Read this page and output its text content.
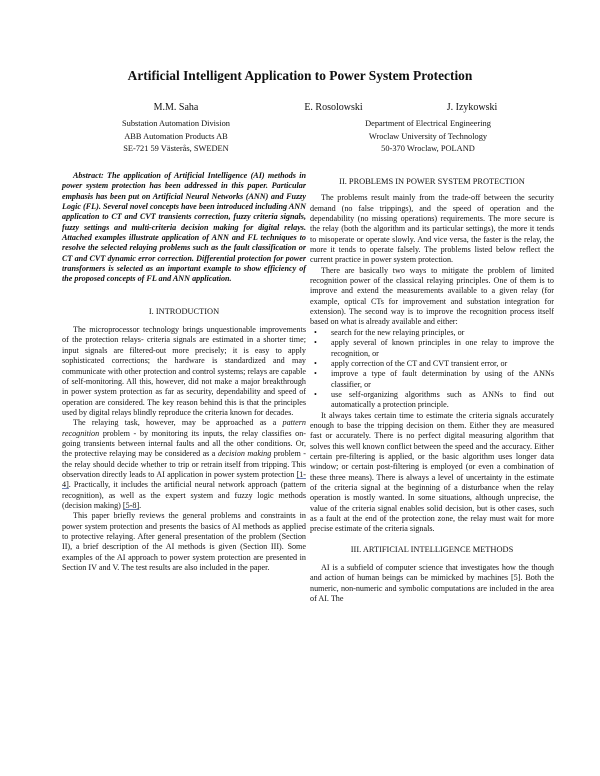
Artificial Intelligent Application to Power System Protection
M.M. Saha	E. Rosolowski	J. Izykowski
Substation Automation Division
ABB Automation Products AB
SE-721 59 Västerås, SWEDEN
Department of Electrical Engineering
Wroclaw University of Technology
50-370 Wroclaw, POLAND

Abstract: The application of Artificial Intelligence (AI) methods in power system protection has been addressed in this paper. Particular emphasis has been put on Artificial Neural Networks (ANN) and Fuzzy Logic (FL). Several novel concepts have been introduced including ANN application to CT and CVT transients correction, fuzzy criteria signals, fuzzy settings and multi-criteria decision making for digital relays. Attached examples illustrate application of ANN and FL techniques to resolve the selected relaying problems such as the fault classification or CT and CVT dynamic error correction. Differential protection for power transformers is selected as an important example to show efficiency of the proposed concepts of FL and ANN application.

I. INTRODUCTION

The microprocessor technology brings unquestionable improvements of the protection relays- criteria signals are estimated in a shorter time; input signals are filtered-out more precisely; it is easy to apply sophisticated corrections; the hardware is standardized and may communicate with other protection and control systems; relays are capable of self-monitoring. All this, however, did not make a major breakthrough in power system protection as far as security, dependability and speed of operation are considered. The key reason behind this is that the principles used by digital relays blindly reproduce the criteria known for decades.

The relaying task, however, may be approached as a pattern recognition problem - by monitoring its inputs, the relay classifies on-going transients between internal faults and all the other conditions. Or, the protective relaying may be considered as a decision making problem - the relay should decide whether to trip or retrain itself from tripping. This observation directly leads to AI application in power system protection [1-4]. Practically, it includes the artificial neural network approach (pattern recognition), as well as the expert system and fuzzy logic methods (decision making) [5-8].

This paper briefly reviews the general problems and constraints in power system protection and presents the basics of AI methods as applied to protective relaying. After general presentation of the problem (Section II), a brief description of the AI methods is given (Section III). Some examples of the AI approach to power system protection are presented in Section IV and V. The test results are also included in the paper.

II. PROBLEMS IN POWER SYSTEM PROTECTION

The problems result mainly from the trade-off between the security demand (no false trippings), and the speed of operation and the dependability (no missing operations) requirements. The more secure is the relay (both the algorithm and its particular settings), the more it tends to misoperate or operate slowly. And vice versa, the faster is the relay, the more it tends to operate falsely. The problems listed below reflect the current practice in power system protection.

There are basically two ways to mitigate the problem of limited recognition power of the classical relaying principles. One of them is to improve and extend the measurements available to a given relay (for example, optical CTs for improvement and substation integration for extension). The second way is to improve the recognition process itself based on what is already available and either:

• search for the new relaying principles, or
• apply several of known principles in one relay to improve the recognition, or
• apply correction of the CT and CVT transient error, or
• improve a type of fault determination by using of the ANNs classifier, or
• use self-organizing algorithms such as ANNs to find out automatically a protection principle.

It always takes certain time to estimate the criteria signals accurately enough to base the tripping decision on them. Either they are measured fast or accurately. There is no perfect digital measuring algorithm that solves this well known conflict between the speed and the accuracy. Either certain pre-filtering is applied, or the basic algorithm uses longer data window; or certain post-filtering is employed (or even a combination of these three means). There is always a level of uncertainty in the estimate of the criteria signal at the beginning of a disturbance when the relay operation is mostly wanted. In some situations, although unprecise, the value of the criteria signal enables solid decision, but is other cases, such as a fault at the end of the protection zone, the relay must wait for more precise estimate of the criteria signals.

III. ARTIFICIAL INTELLIGENCE METHODS

AI is a subfield of computer science that investigates how the though and action of human beings can be mimicked by machines [5]. Both the numeric, non-numeric and symbolic computations are included in the area of AI. The
